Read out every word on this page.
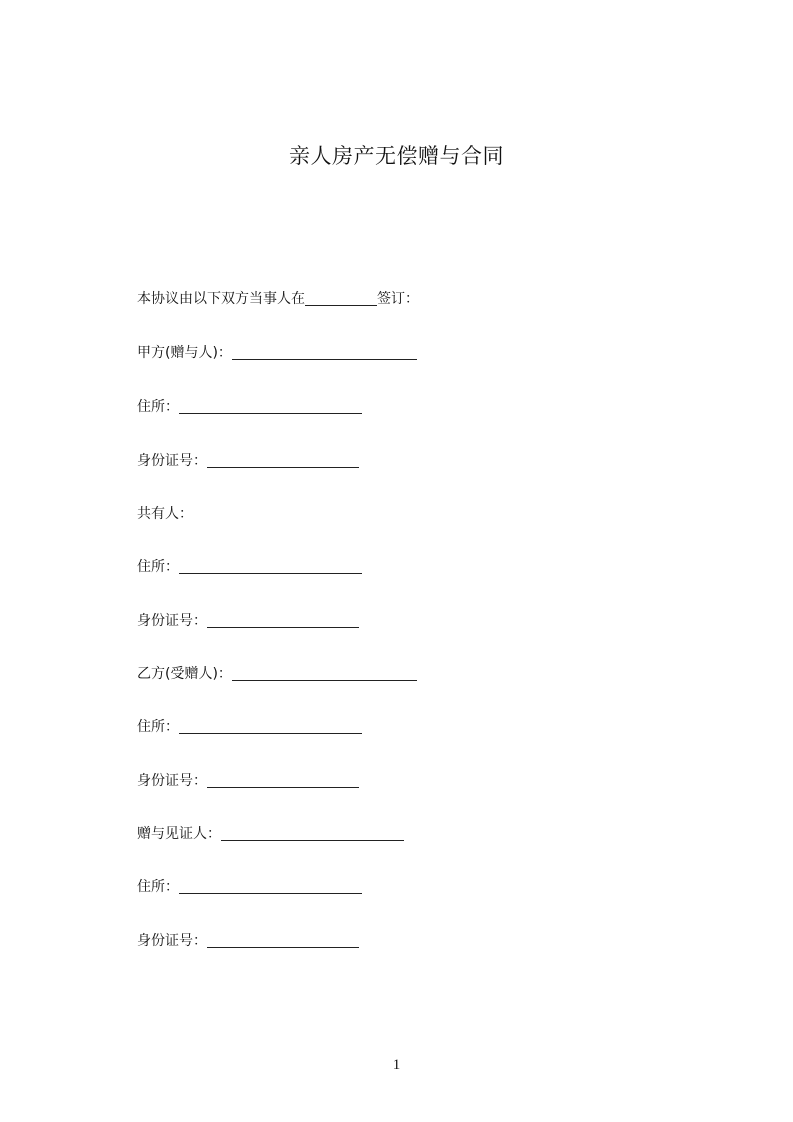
亲人房产无偿赠与合同
本协议由以下双方当事人在	签订：
甲方(赠与人)：
住所：
身份证号：
共有人：
住所：
身份证号：
乙方(受赠人)：
住所：
身份证号：
赠与见证人：
住所：
身份证号：
1
